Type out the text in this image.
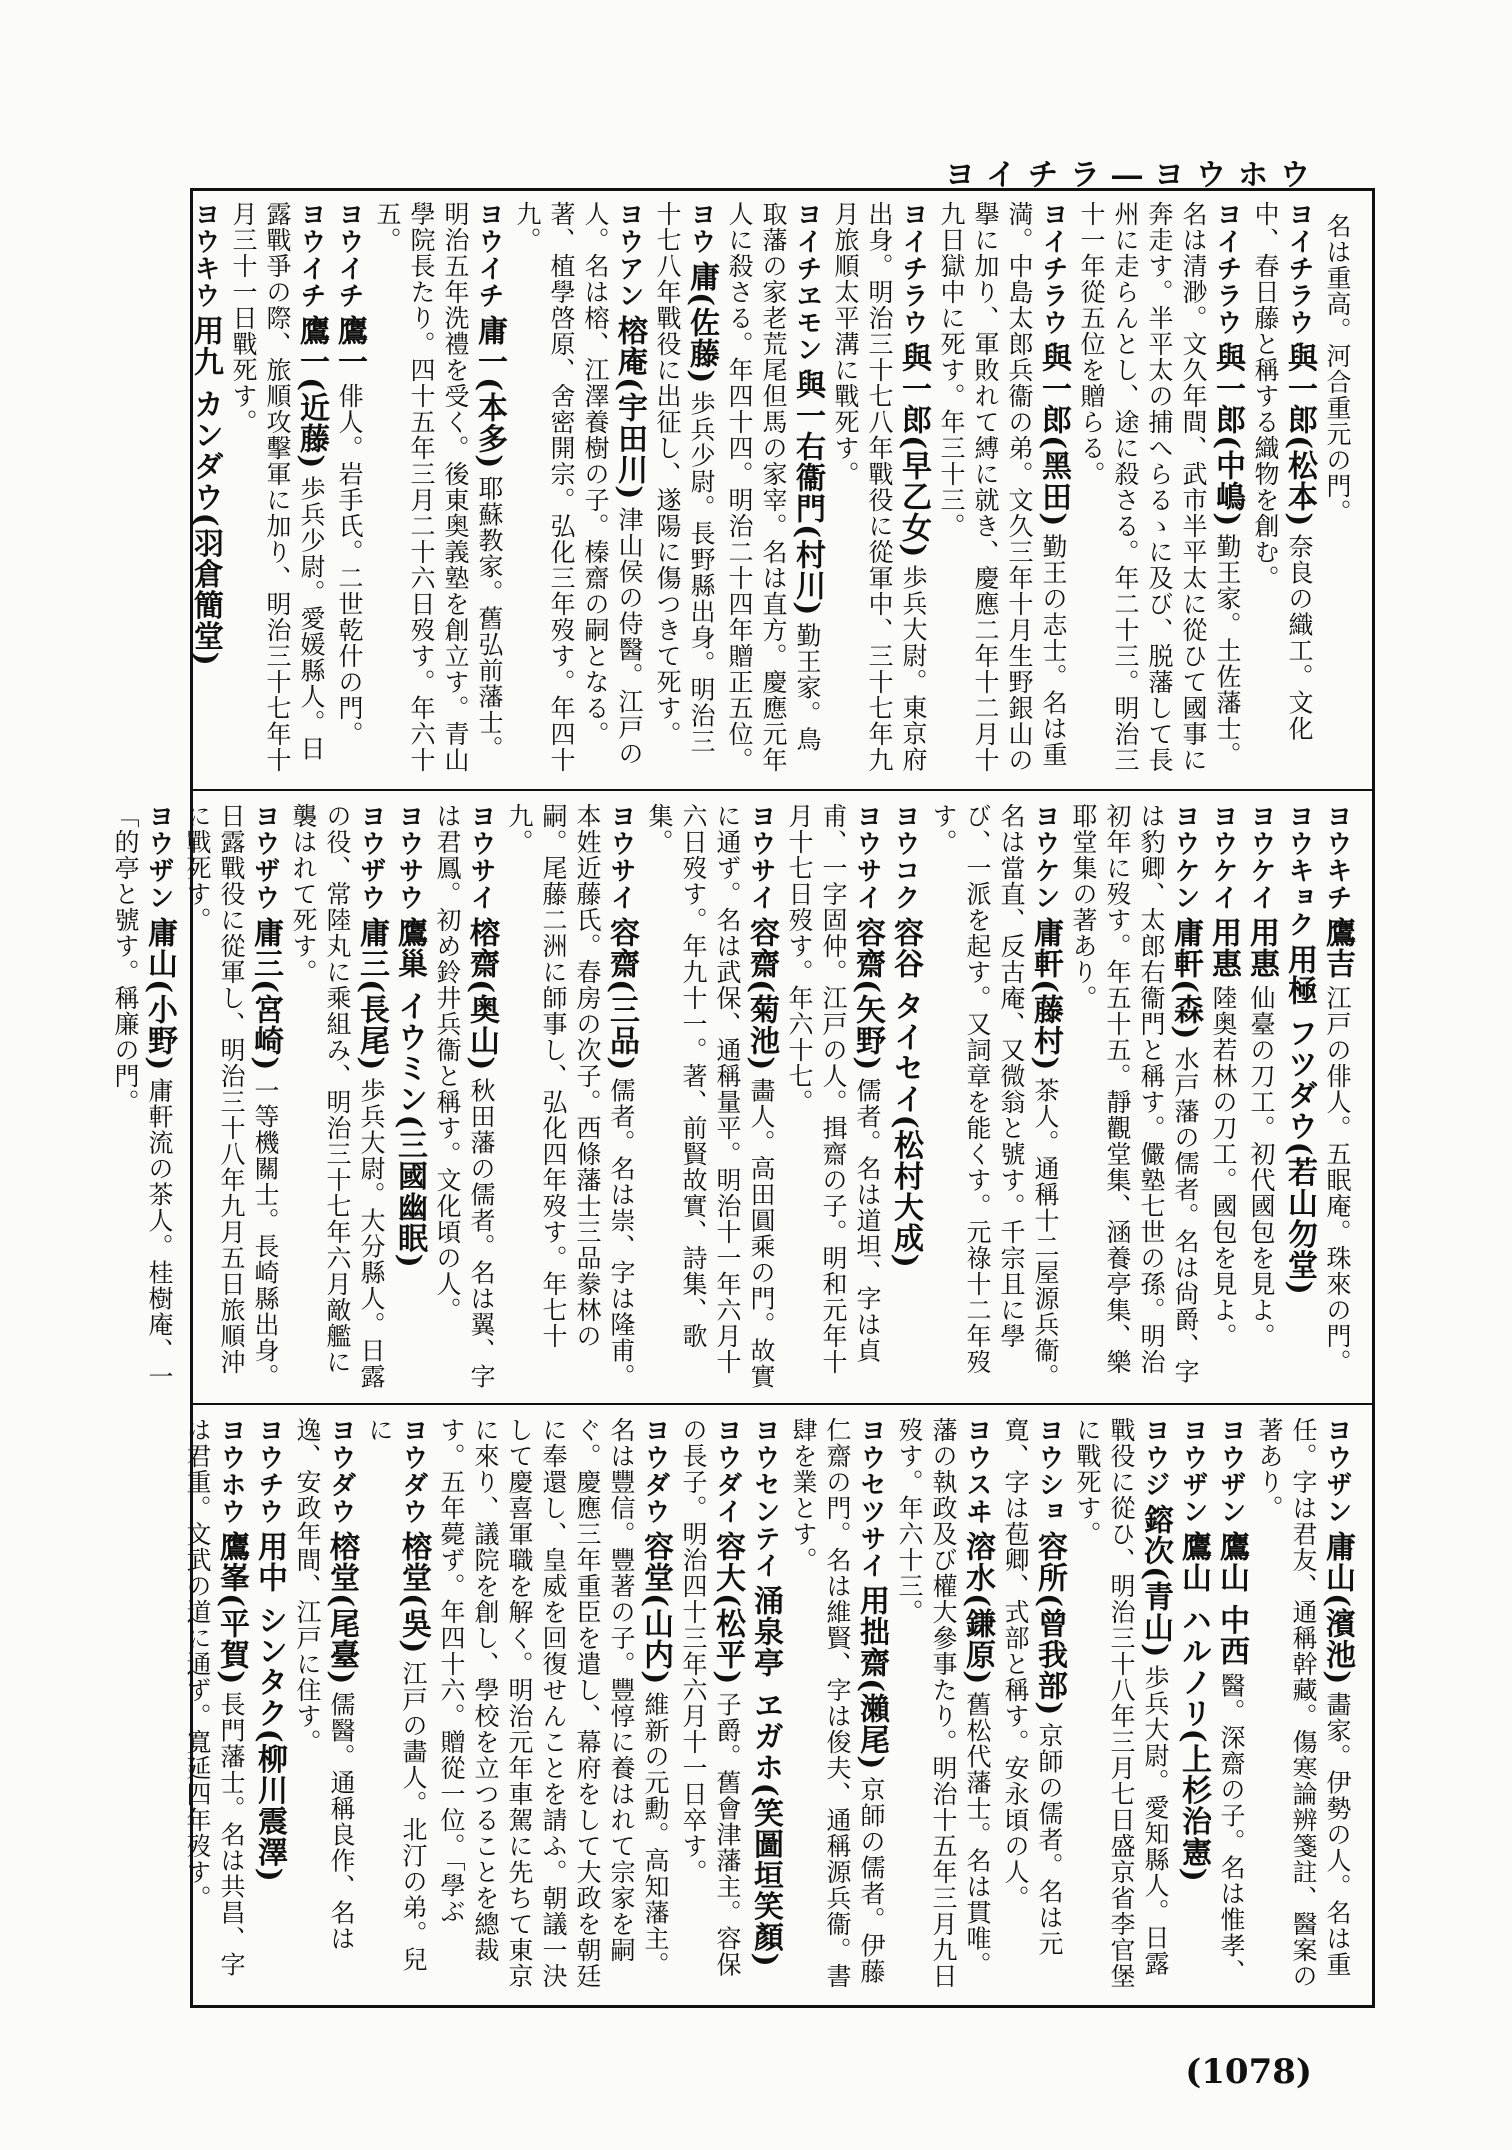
ヨイチラ―ヨウホウ
名は重高。河合重元の門。
ヨイチラウ與一郎(松本)奈良の織工。文化中、春日藤と稱する織物を創む。
ヨイチラウ與一郎(中嶋)勤王家。土佐藩士。名は清渺。文久年間、武市半平太に從ひて國事に奔走す。半平太の捕へらるゝに及び、脱藩して長州に走らんとし、途に殺さる。年二十三。明治三十一年從五位を贈らる。
ヨイチラウ與一郎(黑田)勤王の志士。名は重満。中島太郎兵衞の弟。文久三年十月生野銀山の擧に加り、軍敗れて縛に就き、慶應二年十二月十九日獄中に死す。年三十三。
ヨイチラウ與一郎(早乙女)歩兵大尉。東京府出身。明治三十七八年戰役に從軍中、三十七年九月旅順太平溝に戰死す。
ヨイチヱモン與一右衞門(村川)勤王家。鳥取藩の家老荒尾但馬の家宰。名は直方。慶應元年人に殺さる。年四十四。明治二十四年贈正五位。
ヨウ庸(佐藤)歩兵少尉。長野縣出身。明治三十七八年戰役に出征し、遂陽に傷つきて死す。
ヨウアン榕庵(宇田川)津山侯の侍醫。江戸の人。名は榕、江澤養樹の子。榛齋の嗣となる。著、植學啓原、舍密開宗。弘化三年歿す。年四十九。
ヨウイチ庸一(本多)耶蘇教家。舊弘前藩士。明治五年洗禮を受く。後東奥義塾を創立す。青山學院長たり。四十五年三月二十六日歿す。年六十五。
ヨウイチ鷹一俳人。岩手氏。二世乾什の門。
ヨウイチ鷹一(近藤)歩兵少尉。愛媛縣人。日露戰爭の際、旅順攻擊軍に加り、明治三十七年十月三十一日戰死す。
ヨウキウ用九 カンダウ(羽倉簡堂)
ヨウキチ鷹吉江戸の俳人。五眠庵。珠來の門。
ヨウキョク用極 フツダウ(若山勿堂)
ヨウケイ用惠仙臺の刀工。初代國包を見よ。
ヨウケイ用惠陸奥若林の刀工。國包を見よ。
ヨウケン庸軒(森)水戸藩の儒者。名は尙爵、字は豹卿、太郎右衞門と稱す。儼塾七世の孫。明治初年に歿す。年五十五。靜觀堂集、涵養亭集、樂耶堂集の著あり。
ヨウケン庸軒(藤村)茶人。通稱十二屋源兵衞。名は當直、反古庵、又微翁と號す。千宗且に學び、一派を起す。又詞章を能くす。元祿十二年歿す。
ヨウコク容谷 タイセイ(松村大成)
ヨウサイ容齋(矢野)儒者。名は道坦、字は貞甫、一字固仲。江戸の人。揖齋の子。明和元年十月十七日歿す。年六十七。
ヨウサイ容齋(菊池)畵人。高田圓乘の門。故實に通ず。名は武保、通稱量平。明治十一年六月十六日歿す。年九十一。著、前賢故實、詩集、歌集。
ヨウサイ容齋(三品)儒者。名は崇、字は隆甫。本姓近藤氏。春房の次子。西條藩士三品豢林の嗣。尾藤二洲に師事し、弘化四年歿す。年七十九。
ヨウサイ榕齋(奥山)秋田藩の儒者。名は翼、字は君鳳。初め鈴井兵衞と稱す。文化頃の人。
ヨウサウ鷹巢 イウミン(三國幽眠)
ヨウザウ庸三(長尾)歩兵大尉。大分縣人。日露の役、常陸丸に乘組み、明治三十七年六月敵艦に襲はれて死す。
ヨウザウ庸三(宮崎)一等機關士。長崎縣出身。日露戰役に從軍し、明治三十八年九月五日旅順沖に戰死す。
ヨウザン庸山(小野)庸軒流の茶人。桂樹庵、一「的亭と號す。稱廉の門。
ヨウザン庸山(濱池)畵家。伊勢の人。名は重任。字は君友、通稱幹藏。傷寒論辨箋註、醫案の著あり。
ヨウザン鷹山 中西醫。深齋の子。名は惟孝、
ヨウザン鷹山 ハルノリ(上杉治憲)
ヨウジ鎔次(青山)歩兵大尉。愛知縣人。日露戰役に從ひ、明治三十八年三月七日盛京省李官堡に戰死す。
ヨウショ容所(曾我部)京師の儒者。名は元寛、字は苞卿、式部と稱す。安永頃の人。
ヨウスヰ溶水(鎌原)舊松代藩士。名は貫唯。藩の執政及び權大參事たり。明治十五年三月九日歿す。年六十三。
ヨウセツサイ用拙齋(瀨尾)京師の儒者。伊藤仁齋の門。名は維賢、字は俊夫、通稱源兵衞。書肆を業とす。
ヨウセンテイ涌泉亭 ヱガホ(笑圖垣笑顏)
ヨウダイ容大(松平)子爵。舊會津藩主。容保の長子。明治四十三年六月十一日卒す。
ヨウダウ容堂(山内)維新の元勳。高知藩主。名は豐信。豐著の子。豐惇に養はれて宗家を嗣ぐ。慶應三年重臣を遣し、幕府をして大政を朝廷に奉還し、皇威を回復せんことを請ふ。朝議一決して慶喜軍職を解く。明治元年車駕に先ちて東京に來り、議院を創し、學校を立つることを總裁す。五年薨ず。年四十六。贈從一位。「學ぶ
ヨウダウ榕堂(吳)江戸の畵人。北汀の弟。兒に
ヨウダウ榕堂(尾臺)儒醫。通稱良作、名は逸、安政年間、江戸に住す。
ヨウチウ用中 シンタク(柳川震澤)
ヨウホウ鷹峯(平賀)長門藩士。名は共昌、字は君重。文武の道に通ず。寬延四年歿す。
(1078)
